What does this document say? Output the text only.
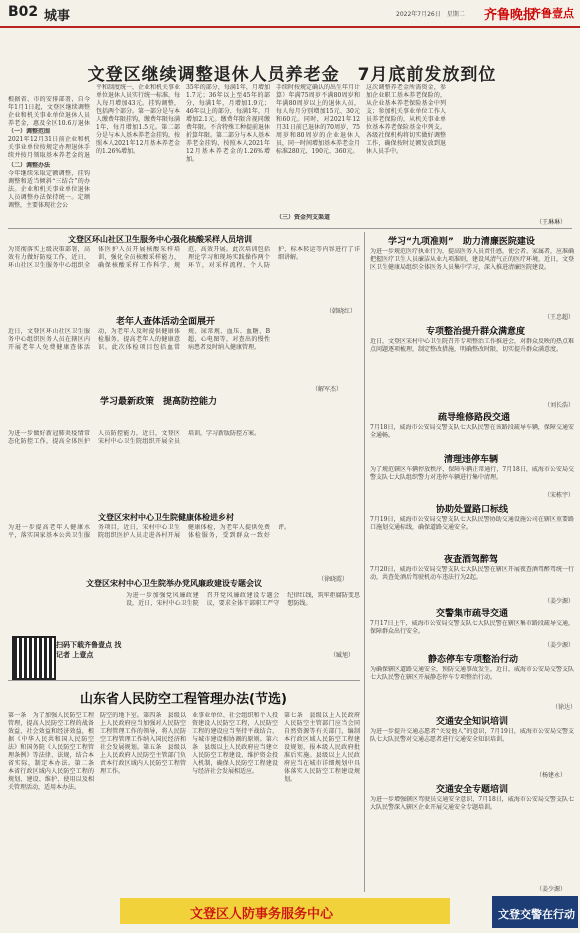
B02 城事	2022年7月26日　星期二 齐鲁晚报
齐鲁壹点
文登区继续调整退休人员养老金　7月底前发放到位
根据省、市的安排部署，自今年1月1日起，文登区继续调整企业和机关事业单位退休人员养老金，惠及全区10.6万退休
（一）调整范围
2021年12月31日前企业和机关事业单位按规定办理退休手续并按月领取基本养老金的退
（二）调整办法
今年继续采取定额调整、挂钩调整和适当倾斜“三结合”的办法。企业和机关事业单位退休人员调整办法保持统一。定额调整，主要体现社会公
平和制度统一，企业和机关事业单位退休人员实行统一标准，每人每月增加43元。挂钩调整，包括两个部分。第一部分是与本人缴费年限挂钩，缴费年限每满1年，每月增加1.5元。第二部分是与本人基本养老金挂钩，按照本人2021年12月基本养老金的1.26%增加。
35年的部分，每满1年，月增加1.7元；36年以上至45年的部分，每满1年，月增加1.9元；46年以上的部分，每满1年，月增加2.1元。缴费年限含视同缴费年限。不含特殊工种提前退休折算年限。第二部分与本人基本养老金挂钩，按照本人2021年12月基本养老金的1.26%增加。
手续时按规定确认的出生年月计算）年满75周岁不满80周岁和年满80周岁以上的退休人员，每人每月分别增加15元、30元和60元。同时，对2021年12月31日前已退休的70周岁，75周岁和80周岁的企业退休人员，同一时间增加基本养老金月标准280元、190元、360元。
（三）资金列支渠道
这次调整养老金所需资金，参加企业职工基本养老保险的，从企业基本养老保险基金中列支；参加机关事业单位工作人员养老保险的，从机关事业单位基本养老保险基金中列支。各级社保机构将切实做好调整工作，确保按时足额发放到退休人员手中。
（王琳琳）
文登区环山社区卫生服务中心强化核酸采样人员培训
为贯彻落实上级决策部署，高效有力做好防疫工作，近日，环山社区卫生服务中心组织全体医护人员开展核酸采样培训，强化全员核酸采样能力，确保核酸采样工作科学、规范、高效开展。此次培训包括理论学习和现场实践操作两个环节，对采样流程、个人防护、标本转运等内容进行了详细讲解。
（韩晓红）
老年人查体活动全面展开
近日，文登区环山社区卫生服务中心组织医务人员在辖区内开展老年人免费健康查体活动，为老年人及时提供健康体检服务，提高老年人的健康意识。此次体检项目包括血常规、尿常规、血压、血糖、B超、心电图等，对查出的慢性病患者及时纳入健康管理。
（解军杰）
学习最新政策　提高防控能力
为进一步做好新冠肺炎疫情常态化防控工作，提高全体医护人员防控能力，近日，文登区宋村中心卫生院组织开展全员培训，学习新版防控方案。
文登区宋村中心卫生院健康体检进乡村
为进一步提高老年人健康水平，落实国家基本公共卫生服务项目，近日，宋村中心卫生院组织医护人员走进各村开展健康体检，为老年人提供免费体检服务，受到群众一致好评。
（徐晓霞）
文登区宋村中心卫生院举办党风廉政建设专题会议
为进一步加强党风廉政建设，近日，宋村中心卫生院召开党风廉政建设专题会议，要求全体干部职工严守纪律红线，筑牢拒腐防变思想防线。
（臧旭）
扫码下载齐鲁壹点 找记者 上壹点
山东省人民防空工程管理办法(节选)
第一条　为了加强人民防空工程管理，提高人民防空工程的战备效益、社会效益和经济效益，根据《中华人民共和国人民防空法》和国务院《人民防空工程管理条例》等法律、法规，结合本省实际，制定本办法。第二条　本省行政区域内人民防空工程的规划、建设、维护、使用以及相关管理活动，适用本办法。
防空的地下室。第四条　县级以上人民政府应当加强对人民防空工程管理工作的领导，将人民防空工程管理工作纳入国民经济和社会发展规划。第五条　县级以上人民政府人民防空主管部门负责本行政区域内人民防空工程管理工作。
业事业单位、社会组织和个人投资建设人民防空工程，人民防空工程的建设应当坚持平战结合、与城市建设相协调的原则。第六条　县级以上人民政府应当建立人民防空工程建设、维护资金投入机制，确保人民防空工程建设与经济社会发展相适应。
第七条　县级以上人民政府人民防空主管部门应当会同自然资源等有关部门，编制本行政区域人民防空工程建设规划，报本级人民政府批准后实施。县级以上人民政府应当在城市详细规划中具体落实人民防空工程建设规划。
文登区人防事务服务中心
学习“九项准则”　助力清廉医院建设
为进一步规范医疗执业行为，提高医务人员责任感，使会者、家属者，应准确把握医疗卫生人员廉洁从业九项准则，建设风清气正的医疗环境，近日，文登区卫生健康局组织全体医务人员集中学习，深入推进清廉医院建设。
（王忠超）
专项整治提升群众满意度
近日，文登区宋村中心卫生院召开专项整治工作推进会，对群众反映的热点难点问题逐项梳理，制定整改措施，明确整改时限，切实提升群众满意度。
（刘长浩）
疏导维修路段交通
7月18日，威海市公安局交警支队七大队民警在该路段疏导车辆，保障交通安全通畅。
清理违停车辆
为了规范辖区车辆停放秩序，保障车辆正常通行，7月18日，威海市公安局交警支队七大队组织警力对违停车辆进行集中清理。
（宋栋宇）
协助处置路口标线
7月19日，威海市公安局交警支队七大队民警协助交通设施公司在辖区重要路口施划交通标线，确保道路交通安全。
夜查酒驾醉驾
7月20日，威海市公安局交警支队七大队民警在辖区开展夜查酒驾醉驾统一行动，共查处酒后驾驶机动车违法行为2起。
（姜少源）
交警集市疏导交通
7月17日上午，威海市公安局交警支队七大队民警在辖区集市路段疏导交通，保障群众出行安全。
（姜少源）
静态停车专项整治行动
为确保辖区道路交通安全，预防交通事故发生，近日，威海市公安局交警支队七大队民警在辖区开展静态停车专项整治行动。
（徐达）
交通安全知识培训
为进一步提升交通志愿者“关爱他人”的意识，7月19日，威海市公安局交警支队七大队民警对交通志愿者进行交通安全知识培训。
（杨建永）
交通安全专题培训
为进一步增强辖区驾驶员交通安全意识，7月18日，威海市公安局交警支队七大队民警深入辖区企业开展交通安全专题培训。
（姜少源）
文登交警在行动
